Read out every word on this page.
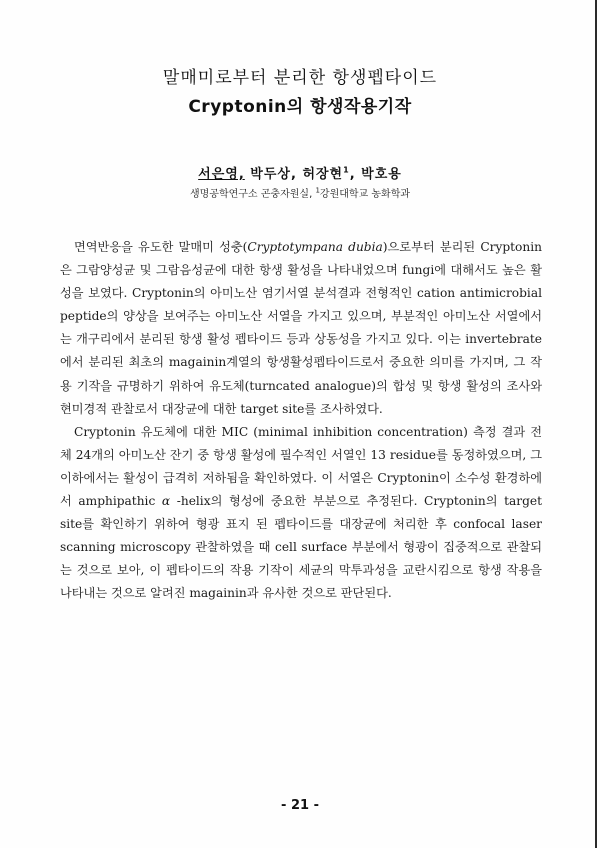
말매미로부터 분리한 항생펩타이드
Cryptonin의 항생작용기작
서은영, 박두상, 허장현$^1$, 박호용
생명공학연구소 곤충자원실, $^1$강원대학교 농화학과

면역반응을 유도한 말매미 성충(Cryptotympana dubia)으로부터 분리된 Cryptonin은 그람양성균 및 그람음성균에 대한 항생 활성을 나타내었으며 fungi에 대해서도 높은 활성을 보였다. Cryptonin의 아미노산 염기서열 분석결과 전형적인 cation antimicrobial peptide의 양상을 보여주는 아미노산 서열을 가지고 있으며, 부분적인 아미노산 서열에서는 개구리에서 분리된 항생 활성 펩타이드 등과 상동성을 가지고 있다. 이는 invertebrate에서 분리된 최초의 magainin계열의 항생활성펩타이드로서 중요한 의미를 가지며, 그 작용 기작을 규명하기 위하여 유도체(turncated analogue)의 합성 및 항생 활성의 조사와 현미경적 관찰로서 대장균에 대한 target site를 조사하였다.

Cryptonin 유도체에 대한 MIC (minimal inhibition concentration) 측정 결과 전체 24개의 아미노산 잔기 중 항생 활성에 필수적인 서열인 13 residue를 동정하였으며, 그 이하에서는 활성이 급격히 저하됨을 확인하였다. 이 서열은 Cryptonin이 소수성 환경하에서 amphipathic α -helix의 형성에 중요한 부분으로 추정된다. Cryptonin의 target site를 확인하기 위하여 형광 표지 된 펩타이드를 대장균에 처리한 후 confocal laser scanning microscopy 관찰하였을 때 cell surface 부분에서 형광이 집중적으로 관찰되는 것으로 보아, 이 펩타이드의 작용 기작이 세균의 막투과성을 교란시킴으로 항생 작용을 나타내는 것으로 알려진 magainin과 유사한 것으로 판단된다.

- 21 -
